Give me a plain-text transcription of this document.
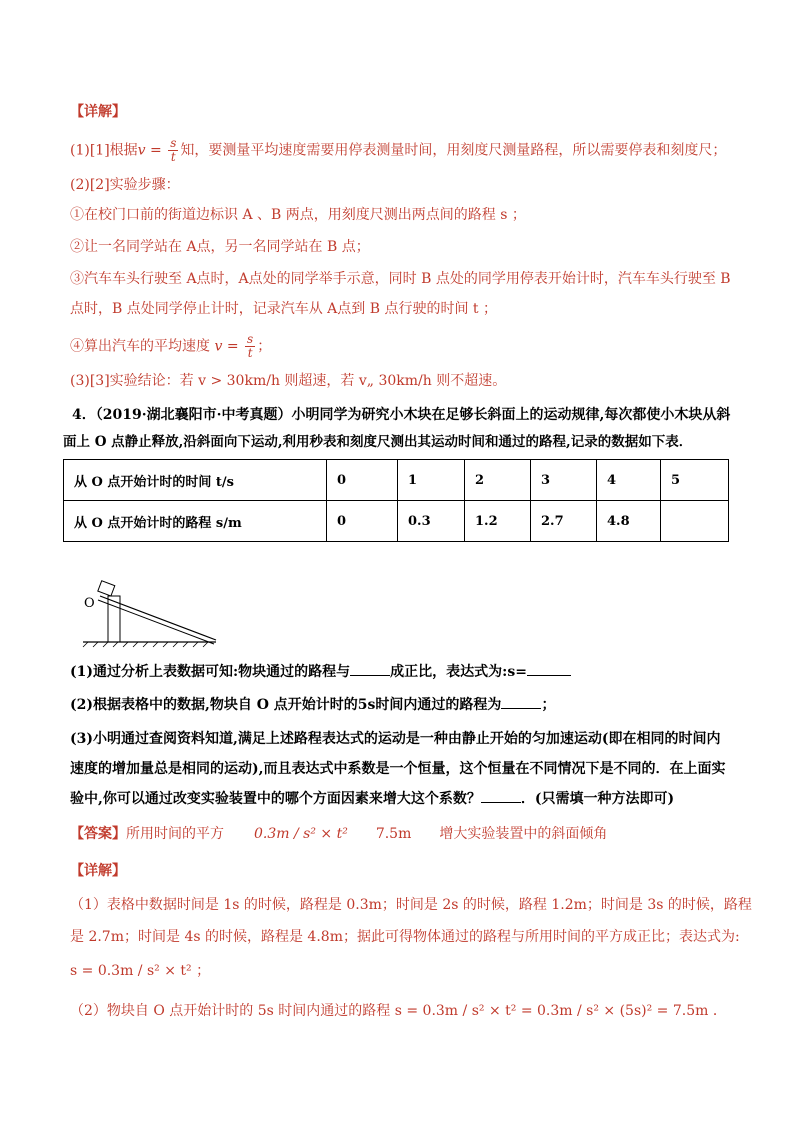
【详解】
(1)[1]根据$v = \frac{s}{t}$ 知，要测量平均速度需要用停表测量时间，用刻度尺测量路程，所以需要停表和刻度尺；
(2)[2]实验步骤：
①在校门口前的街道边标识 A 、B 两点，用刻度尺测出两点间的路程 s ；
②让一名同学站在 A点，另一名同学站在 B 点；
③汽车车头行驶至 A点时，A点处的同学举手示意，同时 B 点处的同学用停表开始计时，汽车车头行驶至 B
点时，B 点处同学停止计时，记录汽车从 A点到 B 点行驶的时间 t ；
④算出汽车的平均速度 $v = \frac{s}{t}$ ；
(3)[3]实验结论：若 v > 30km/h 则超速，若 v„ 30km/h 则不超速。
4．（2019·湖北襄阳市·中考真题）小明同学为研究小木块在足够长斜面上的运动规律,每次都使小木块从斜
面上 O 点静止释放,沿斜面向下运动,利用秒表和刻度尺测出其运动时间和通过的路程,记录的数据如下表．
从 O 点开始计时的时间 t/s	0	1	2	3	4	5
从 O 点开始计时的路程 s/m	0	0.3	1.2	2.7	4.8	
O
(1)通过分析上表数据可知:物块通过的路程与	成正比，表达式为:s=
(2)根据表格中的数据,物块自 O 点开始计时的5s时间内通过的路程为	；
(3)小明通过查阅资料知道,满足上述路程表达式的运动是一种由静止开始的匀加速运动(即在相同的时间内
速度的增加量总是相同的运动),而且表达式中系数是一个恒量，这个恒量在不同情况下是不同的．在上面实
验中,你可以通过改变实验装置中的哪个方面因素来增大这个系数？	．(只需填一种方法即可)
【答案】所用时间的平方 0.3m / s² × t² 7.5m 增大实验装置中的斜面倾角
【详解】
（1）表格中数据时间是 1s 的时候，路程是 0.3m；时间是 2s 的时候，路程 1.2m；时间是 3s 的时候，路程
是 2.7m；时间是 4s 的时候，路程是 4.8m；据此可得物体通过的路程与所用时间的平方成正比；表达式为:
s = 0.3m / s² × t² ；
（2）物块自 O 点开始计时的 5s 时间内通过的路程 s = 0.3m / s² × t² = 0.3m / s² × (5s)² = 7.5m ．
